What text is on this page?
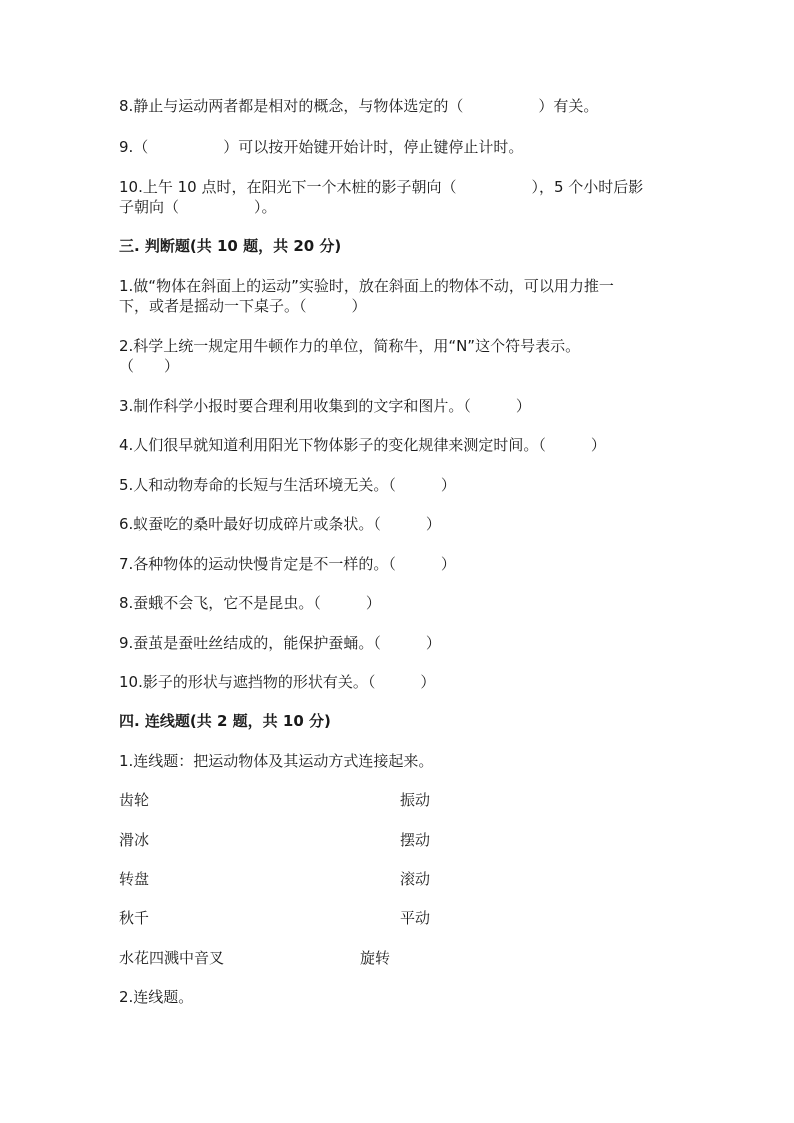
8.静止与运动两者都是相对的概念，与物体选定的（　　　　　）有关。
9.（　　　　　）可以按开始键开始计时，停止键停止计时。
10.上午 10 点时，在阳光下一个木桩的影子朝向（　　　　　），5 个小时后影
子朝向（　　　　　）。
三. 判断题(共 10 题，共 20 分)
1.做“物体在斜面上的运动”实验时，放在斜面上的物体不动，可以用力推一
下，或者是摇动一下桌子。（　　　）
2.科学上统一规定用牛顿作力的单位，简称牛，用“N”这个符号表示。
（　　）
3.制作科学小报时要合理利用收集到的文字和图片。（　　　）
4.人们很早就知道利用阳光下物体影子的变化规律来测定时间。（　　　）
5.人和动物寿命的长短与生活环境无关。（　　　）
6.蚁蚕吃的桑叶最好切成碎片或条状。（　　　）
7.各种物体的运动快慢肯定是不一样的。（　　　）
8.蚕蛾不会飞，它不是昆虫。（　　　）
9.蚕茧是蚕吐丝结成的，能保护蚕蛹。（　　　）
10.影子的形状与遮挡物的形状有关。（　　　）
四. 连线题(共 2 题，共 10 分)
1.连线题：把运动物体及其运动方式连接起来。
齿轮	振动
滑冰	摆动
转盘	滚动
秋千	平动
水花四溅中音叉	旋转
2.连线题。
